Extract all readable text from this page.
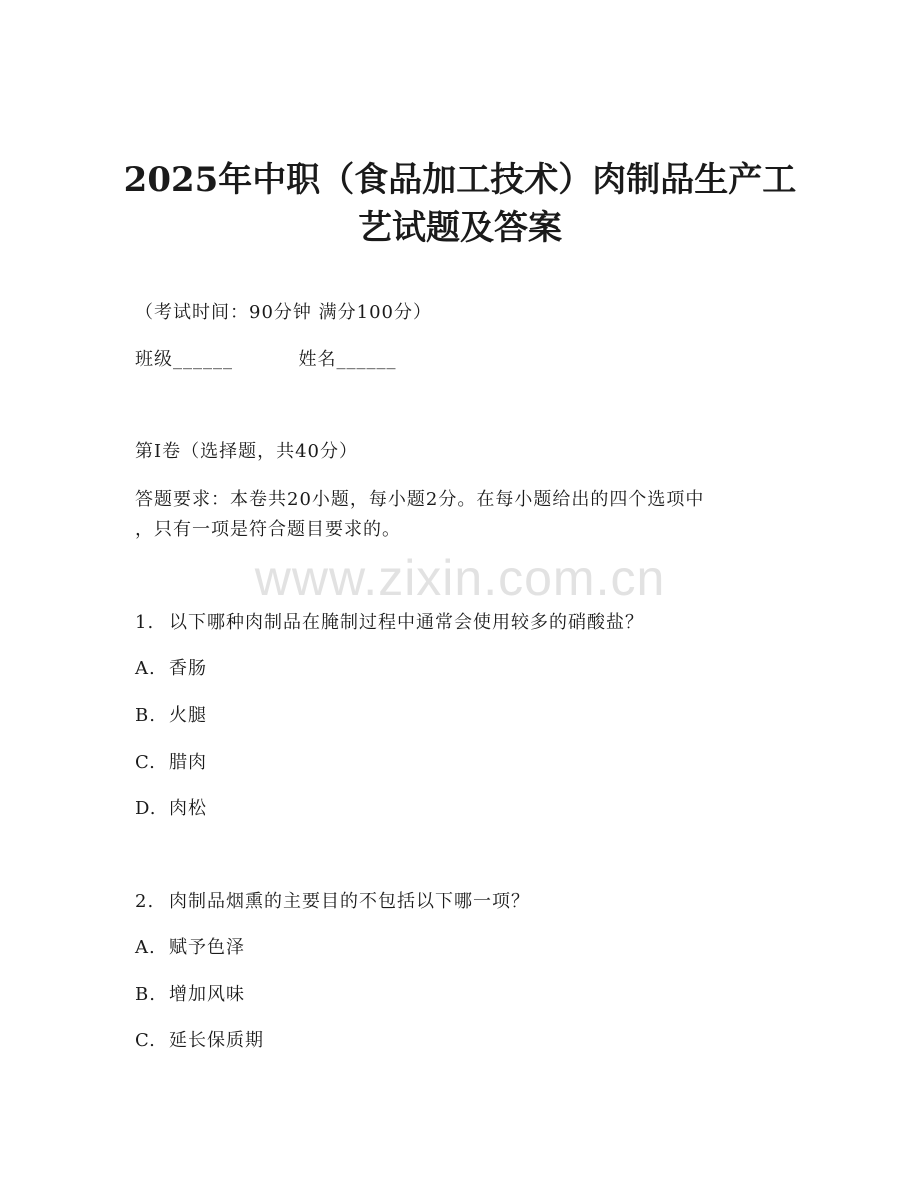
2025年中职（食品加工技术）肉制品生产工
艺试题及答案
（考试时间：90分钟 满分100分）
班级______	姓名______
第I卷（选择题，共40分）
答题要求：本卷共20小题，每小题2分。在每小题给出的四个选项中
，只有一项是符合题目要求的。
www.zixin.com.cn
1. 以下哪种肉制品在腌制过程中通常会使用较多的硝酸盐？
A. 香肠
B. 火腿
C. 腊肉
D. 肉松
2. 肉制品烟熏的主要目的不包括以下哪一项？
A. 赋予色泽
B. 增加风味
C. 延长保质期
